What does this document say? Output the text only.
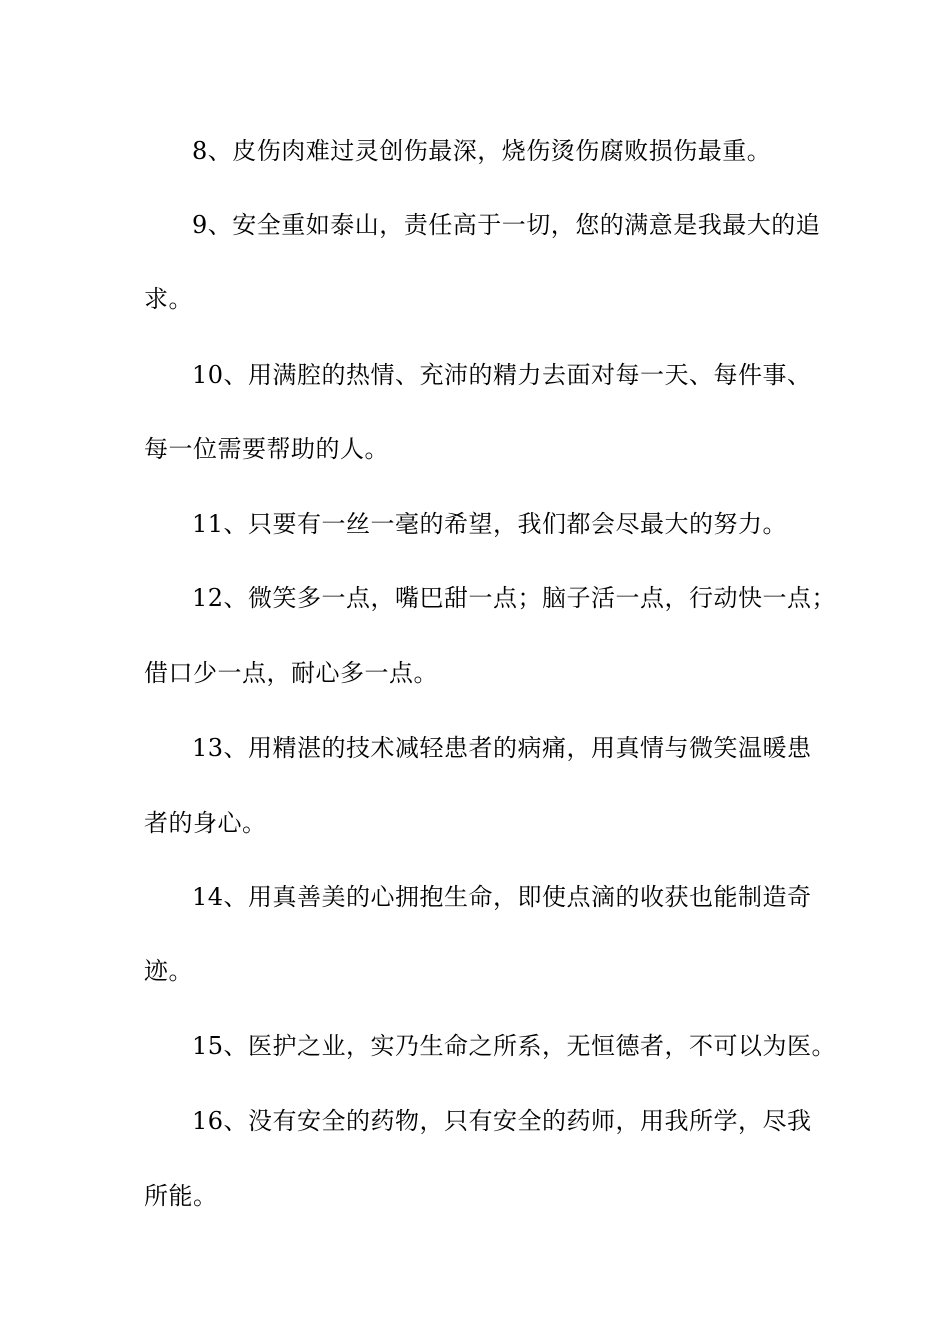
8、皮伤肉难过灵创伤最深，烧伤烫伤腐败损伤最重。
9、安全重如泰山，责任高于一切，您的满意是我最大的追
求。
10、用满腔的热情、充沛的精力去面对每一天、每件事、
每一位需要帮助的人。
11、只要有一丝一毫的希望，我们都会尽最大的努力。
12、微笑多一点，嘴巴甜一点；脑子活一点，行动快一点；
借口少一点，耐心多一点。
13、用精湛的技术减轻患者的病痛，用真情与微笑温暖患
者的身心。
14、用真善美的心拥抱生命，即使点滴的收获也能制造奇
迹。
15、医护之业，实乃生命之所系，无恒德者，不可以为医。
16、没有安全的药物，只有安全的药师，用我所学，尽我
所能。
